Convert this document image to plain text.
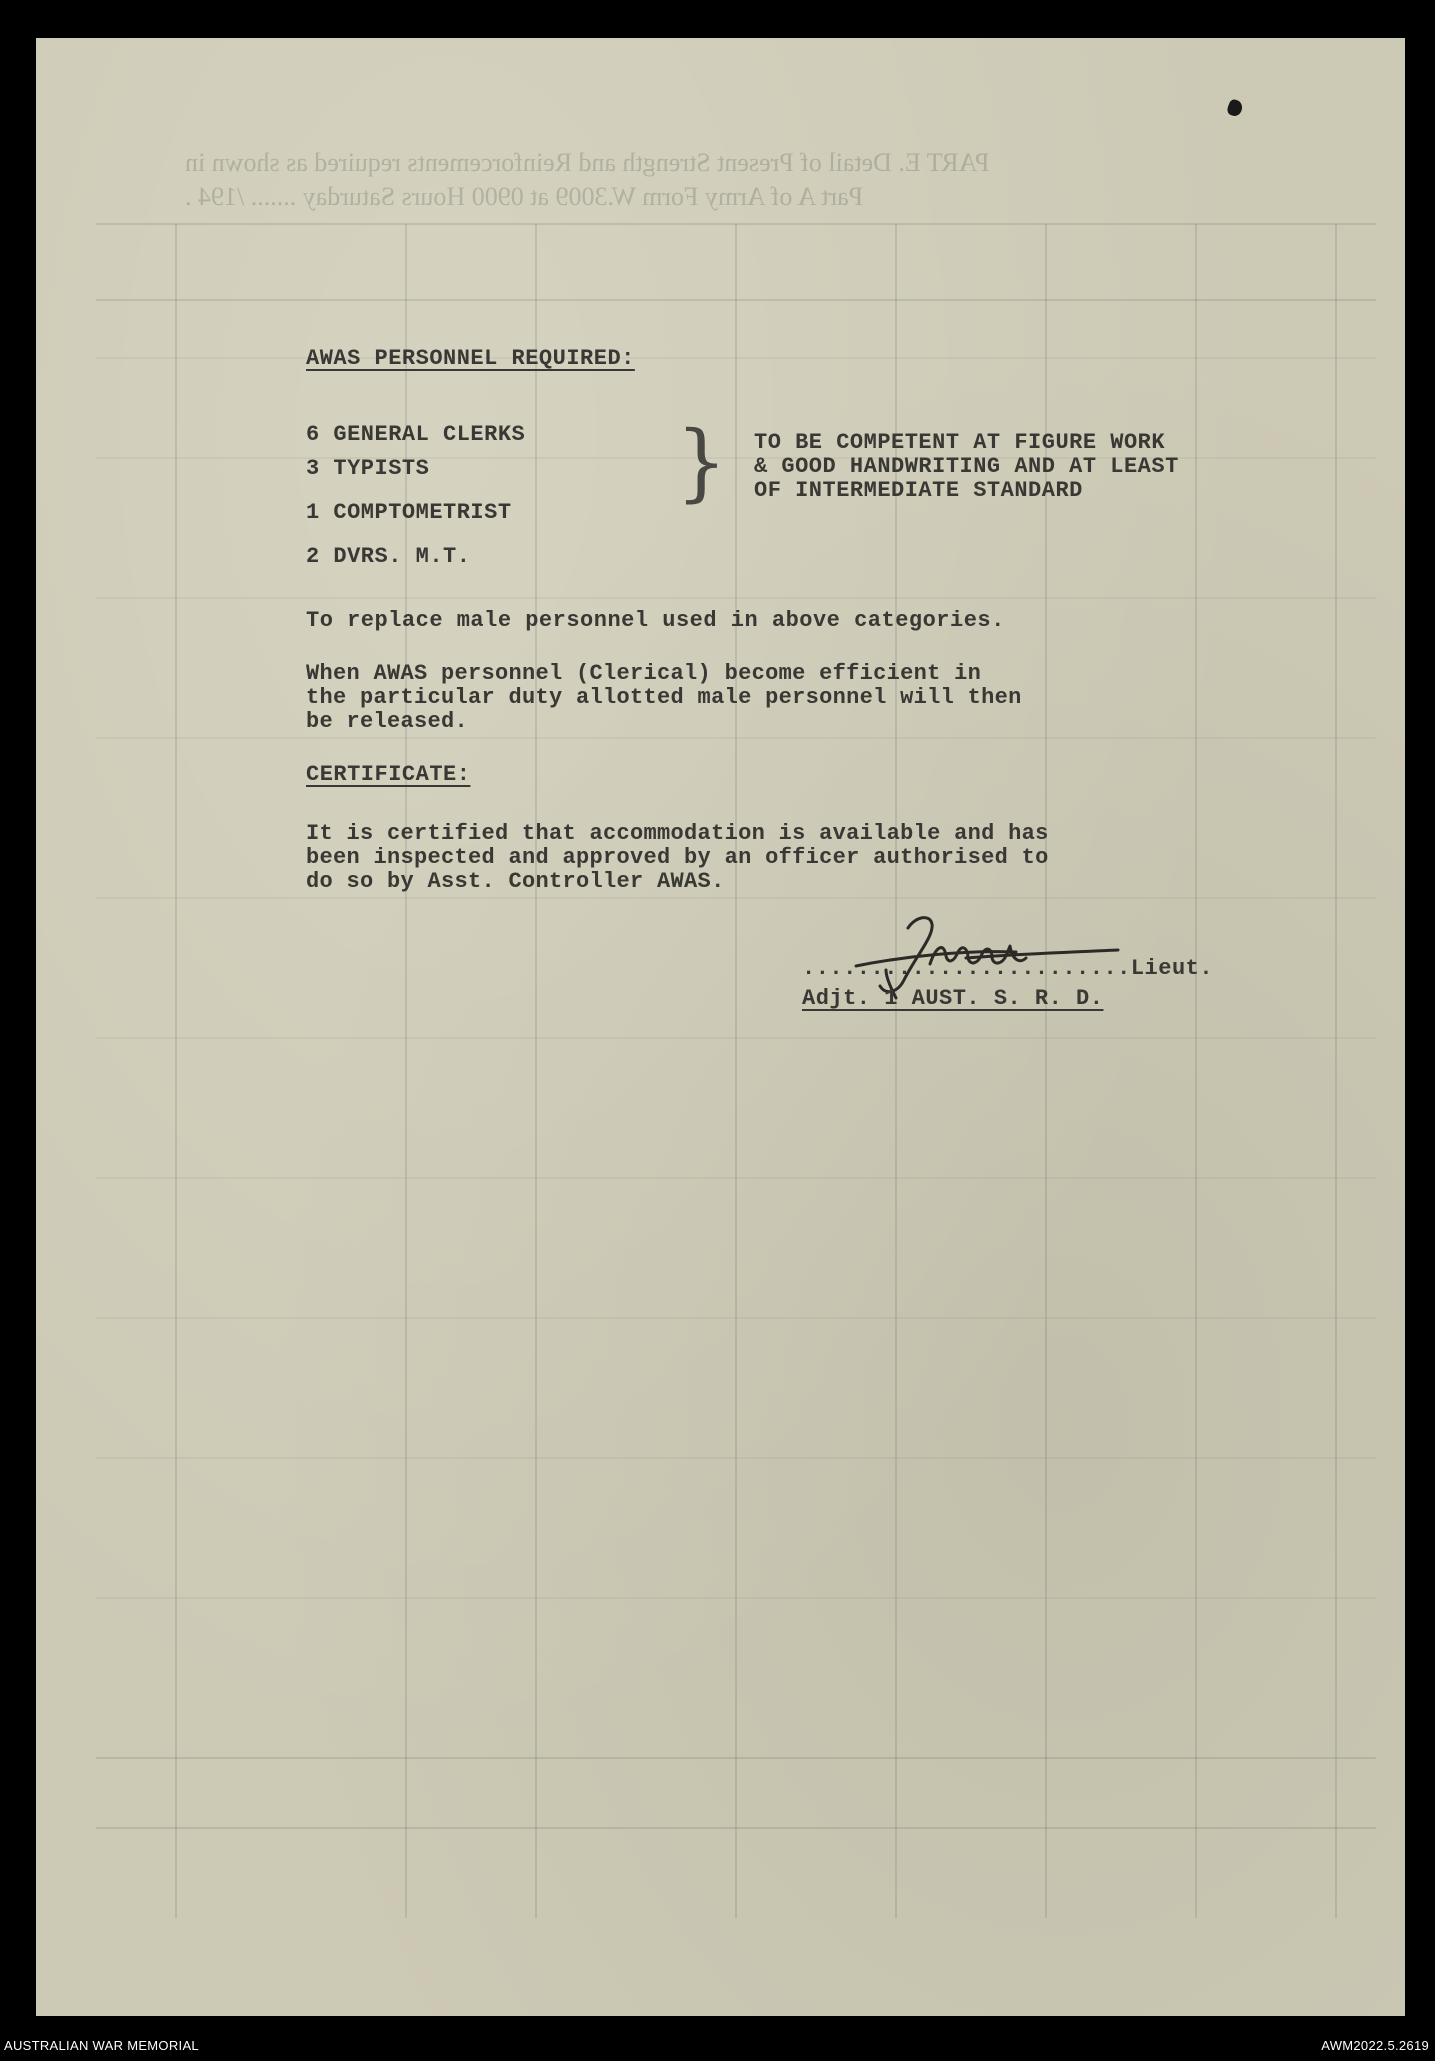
PART E. Detail of Present Strength and Reinforcements required as shown in
Part A of Army Form W.3009 at 0900 Hours Saturday ....... /194 .
AWAS PERSONNEL REQUIRED:
6 GENERAL CLERKS
3 TYPISTS
1 COMPTOMETRIST
2 DVRS. M.T.
} TO BE COMPETENT AT FIGURE WORK
& GOOD HANDWRITING AND AT LEAST
OF INTERMEDIATE STANDARD
To replace male personnel used in above categories.
When AWAS personnel (Clerical) become efficient in
the particular duty allotted male personnel will then
be released.
CERTIFICATE:
It is certified that accommodation is available and has
been inspected and approved by an officer authorised to
do so by Asst. Controller AWAS.
........................Lieut.
Adjt. 1 AUST. S. R. D.
AUSTRALIAN WAR MEMORIAL	AWM2022.5.2619
